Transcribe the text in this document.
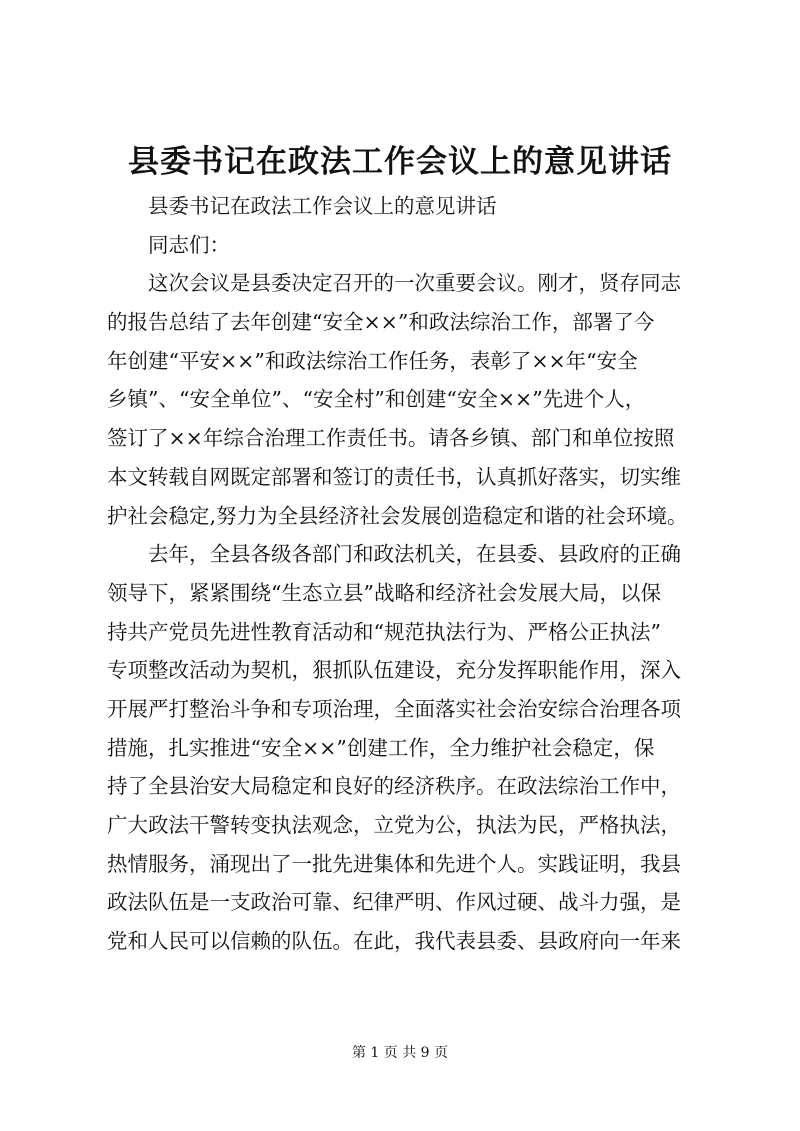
县委书记在政法工作会议上的意见讲话
县委书记在政法工作会议上的意见讲话
同志们：
这次会议是县委决定召开的一次重要会议。刚才，贤存同志
的报告总结了去年创建“安全××”和政法综治工作，部署了今
年创建“平安××”和政法综治工作任务，表彰了××年“安全
乡镇”、“安全单位”、“安全村”和创建“安全××”先进个人，
签订了××年综合治理工作责任书。请各乡镇、部门和单位按照
本文转载自网既定部署和签订的责任书，认真抓好落实，切实维
护社会稳定,努力为全县经济社会发展创造稳定和谐的社会环境。
去年，全县各级各部门和政法机关，在县委、县政府的正确
领导下，紧紧围绕“生态立县”战略和经济社会发展大局，以保
持共产党员先进性教育活动和“规范执法行为、严格公正执法”
专项整改活动为契机，狠抓队伍建设，充分发挥职能作用，深入
开展严打整治斗争和专项治理，全面落实社会治安综合治理各项
措施，扎实推进“安全××”创建工作，全力维护社会稳定，保
持了全县治安大局稳定和良好的经济秩序。在政法综治工作中，
广大政法干警转变执法观念，立党为公，执法为民，严格执法，
热情服务，涌现出了一批先进集体和先进个人。实践证明，我县
政法队伍是一支政治可靠、纪律严明、作风过硬、战斗力强，是
党和人民可以信赖的队伍。在此，我代表县委、县政府向一年来
第 1 页 共 9 页
